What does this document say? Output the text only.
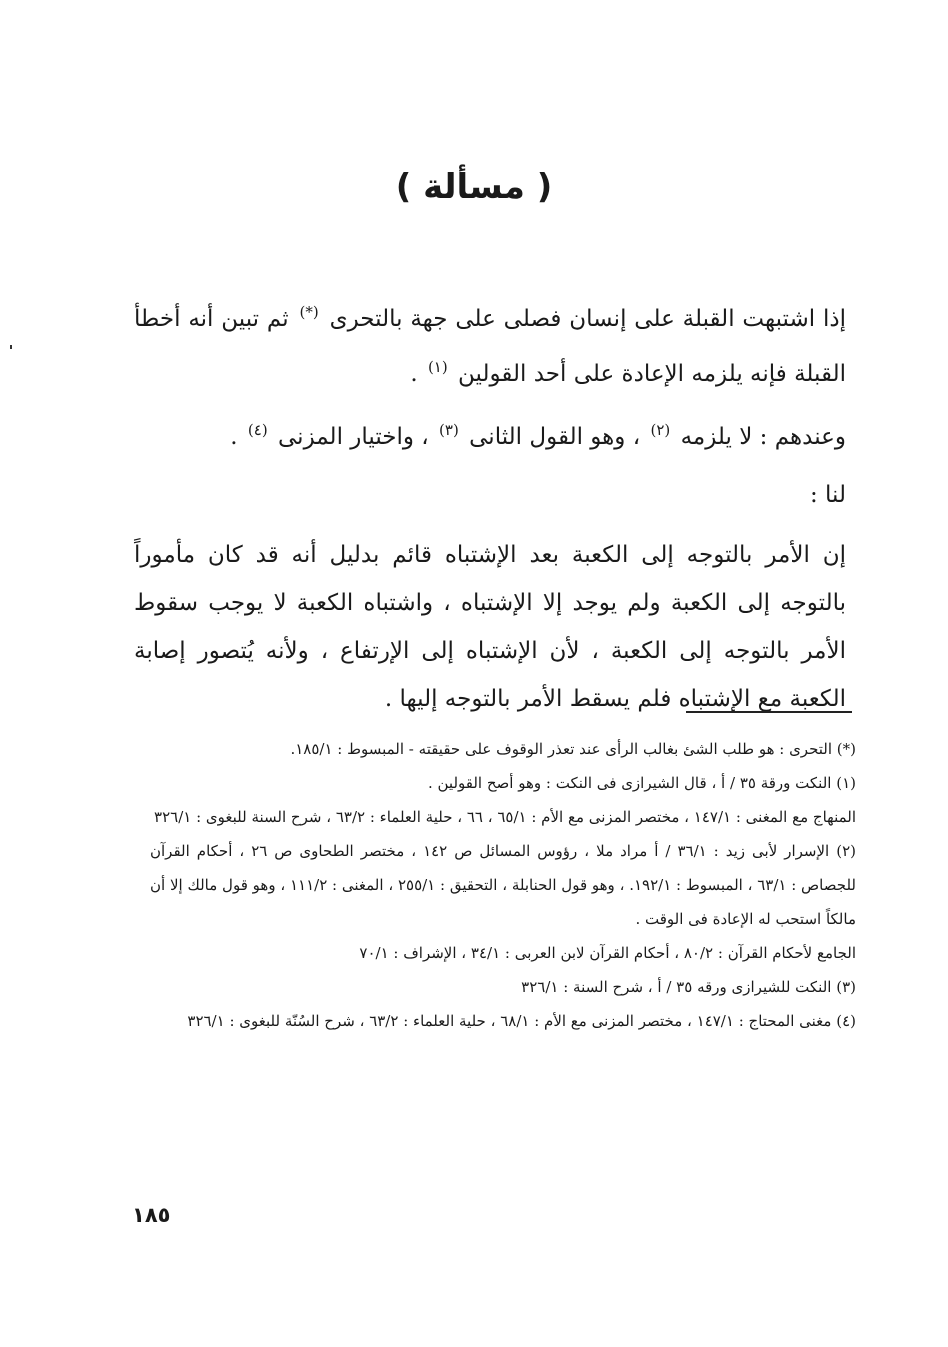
( مسألة )

إذا اشتبهت القبلة على إنسان فصلى على جهة بالتحرى (*) ثم تبين أنه أخطأ القبلة فإنه يلزمه الإعادة على أحد القولين $^{(١)}$ .

وعندهم : لا يلزمه $^{(٢)}$ ، وهو القول الثانى $^{(٣)}$ ، واختيار المزنى $^{(٤)}$ .

لنا :

إن الأمر بالتوجه إلى الكعبة بعد الإشتباه قائم بدليل أنه قد كان مأموراً بالتوجه إلى الكعبة ولم يوجد إلا الإشتباه ، واشتباه الكعبة لا يوجب سقوط الأمر بالتوجه إلى الكعبة ، لأن الإشتباه إلى الإرتفاع ، ولأنه يُتصور إصابة الكعبة مع الإشتباه فلم يسقط الأمر بالتوجه إليها .

(*) التحرى : هو طلب الشئ بغالب الرأى عند تعذر الوقوف على حقيقته - المبسوط : ١٨٥/١.

(١) النكت ورقة ٣٥ / أ ، قال الشيرازى فى النكت : وهو أصح القولين .

المنهاج مع المغنى : ١٤٧/١ ، مختصر المزنى مع الأم : ٦٥/١ ، ٦٦ ، حلية العلماء : ٦٣/٢ ، شرح السنة للبغوى : ٣٢٦/١

(٢) الإسرار لأبى زيد : ٣٦/١ / أ مراد ملا ، رؤوس المسائل ص ١٤٢ ، مختصر الطحاوى ص ٢٦ ، أحكام القرآن للجصاص : ٦٣/١ ، المبسوط : ١٩٢/١. ، وهو قول الحنابلة ، التحقيق : ٢٥٥/١ ، المغنى : ١١١/٢ ، وهو قول مالك إلا أن مالكاً استحب له الإعادة فى الوقت .

الجامع لأحكام القرآن : ٨٠/٢ ، أحكام القرآن لابن العربى : ٣٤/١ ، الإشراف : ٧٠/١

(٣) النكت للشيرازى ورقه ٣٥ / أ ، شرح السنة : ٣٢٦/١

(٤) مغنى المحتاج : ١٤٧/١ ، مختصر المزنى مع الأم : ٦٨/١ ، حلية العلماء : ٦٣/٢ ، شرح السُنّة للبغوى : ٣٢٦/١

١٨٥
